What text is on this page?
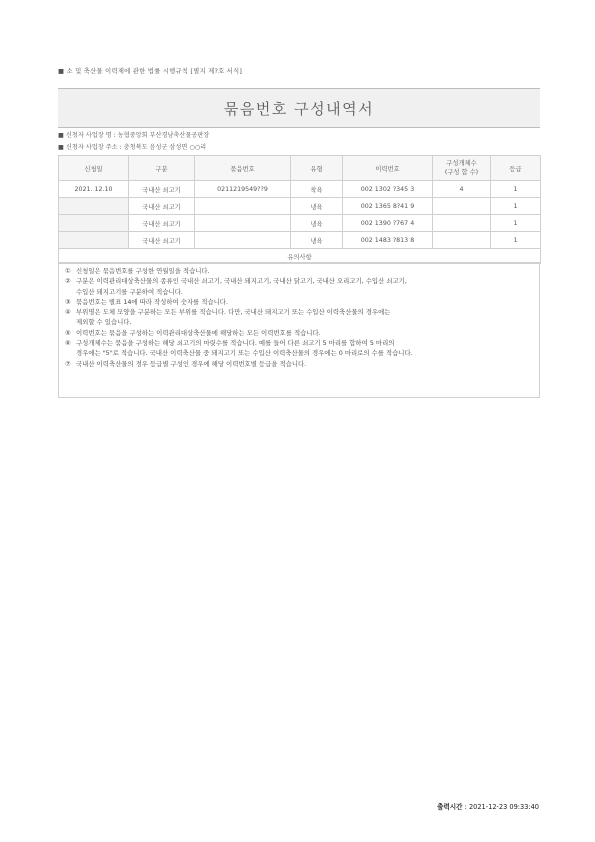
■ 소 및 축산물 이력제에 관한 법률 시행규칙 [별지 제?호 서식]
묶음번호 구성내역서
■ 신청자 사업장 명 : 농협중앙회 부산경남축산물공판장
■ 신청자 사업장 주소 : 충청북도 음성군 삼성면 ○○리
신청일	구분	묶음번호	유형	이력번호	구성개체수
(구성 합 수)	등급
2021. 12.10	국내산 쇠고기	0211219549??9	착육	002 1302 ?345 3	4	1
	국내산 쇠고기		냉육	002 1365 8?41 9		1
	국내산 쇠고기		냉육	002 1390 ?767 4		1
	국내산 쇠고기		냉육	002 1483 ?813 8		1
유의사항						

① 신청일은 묶음번호를 구성한 연월일을 적습니다.

② 구분은 이력관리대상축산물의 종류인 국내산 쇠고기, 국내산 돼지고기, 국내산 닭고기, 국내산 오리고기, 수입산 쇠고기,
수입산 돼지고기를 구분하여 적습니다.

③ 묶음번호는 별표 14에 따라 작성하여 숫자를 적습니다.

④ 부위명은 도체 모양을 구분하는 모든 부위를 적습니다. 다만, 국내산 돼지고기 또는 수입산 이력축산물의 경우에는
제외할 수 있습니다.

⑤ 이력번호는 묶음을 구성하는 이력관리대상축산물에 해당하는 모든 이력번호를 적습니다.

⑥ 구성개체수는 묶음을 구성하는 해당 쇠고기의 마릿수를 적습니다. 예를 들어 다른 쇠고기 5 마리를 합하여 5 마리의
경우에는 "5"로 적습니다. 국내산 이력축산물 중 돼지고기 또는 수입산 이력축산물의 경우에는 0 마리로의 수를 적습니다.

⑦ 국내산 이력축산물의 경우 등급별 구성인 경우에 해당 이력번호별 등급을 적습니다.

출력시간 : 2021-12-23 09:33:40
